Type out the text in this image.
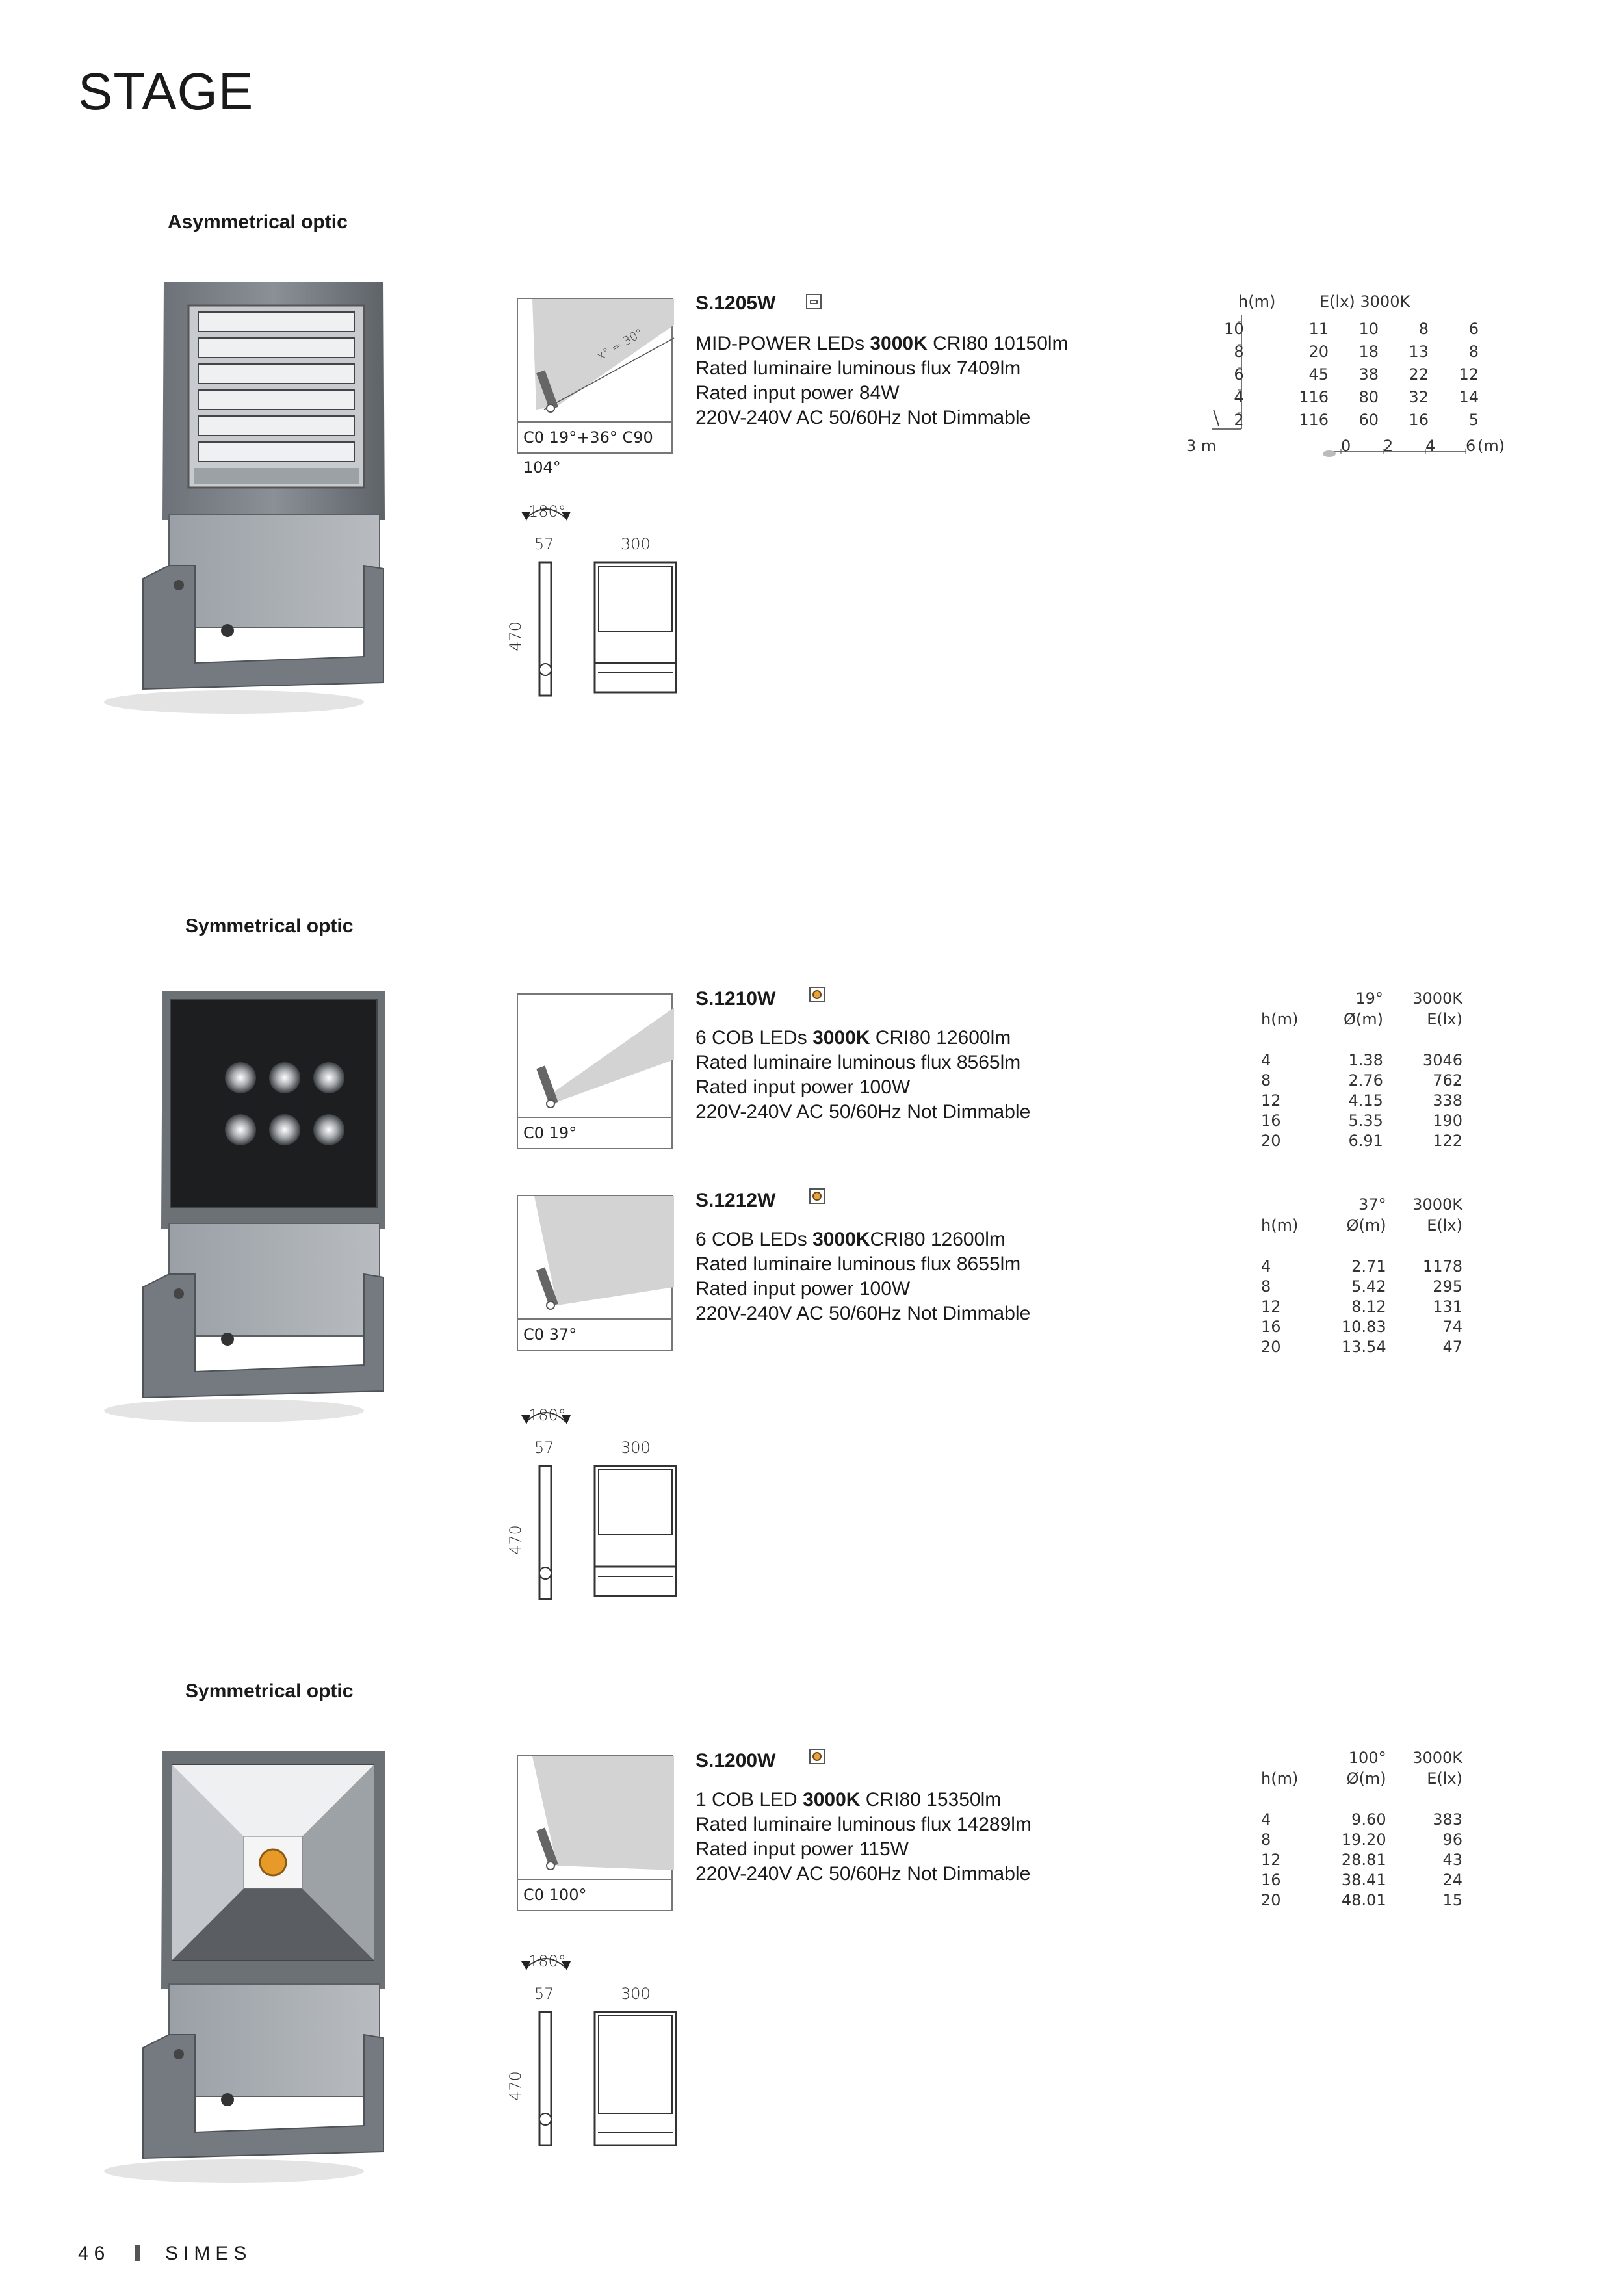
STAGE
Asymmetrical optic
x° = 30°
C0 19°+36° C90 104°
S.1205W
MID-POWER LEDs 3000K CRI80 10150lm
Rated luminaire luminous flux 7409lm
Rated input power 84W
220V-240V AC 50/60Hz Not Dimmable
h(m)	E(lx) 3000K
10	11	10	8	6
8	20	18	13	8
6	45	38	22	12
4	116	80	32	14
2	116	60	16	5
3 m	0 2 4 6 (m)
180°
57	300
470
Symmetrical optic
C0 19°
S.1210W
6 COB LEDs 3000K CRI80 12600lm
Rated luminaire luminous flux 8565lm
Rated input power 100W
220V-240V AC 50/60Hz Not Dimmable
	19°	3000K
h(m)	Ø(m)	E(lx)

4	1.38	3046
8	2.76	762
12	4.15	338
16	5.35	190
20	6.91	122
C0 37°
S.1212W
6 COB LEDs 3000KCRI80 12600lm
Rated luminaire luminous flux 8655lm
Rated input power 100W
220V-240V AC 50/60Hz Not Dimmable
	37°	3000K
h(m)	Ø(m)	E(lx)

4	2.71	1178
8	5.42	295
12	8.12	131
16	10.83	74
20	13.54	47
180°
57	300
470
Symmetrical optic
C0 100°
S.1200W
1 COB LED 3000K CRI80 15350lm
Rated luminaire luminous flux 14289lm
Rated input power 115W
220V-240V AC 50/60Hz Not Dimmable
	100°	3000K
h(m)	Ø(m)	E(lx)

4	9.60	383
8	19.20	96
12	28.81	43
16	38.41	24
20	48.01	15
180°
57	300
470
46	SIMES
